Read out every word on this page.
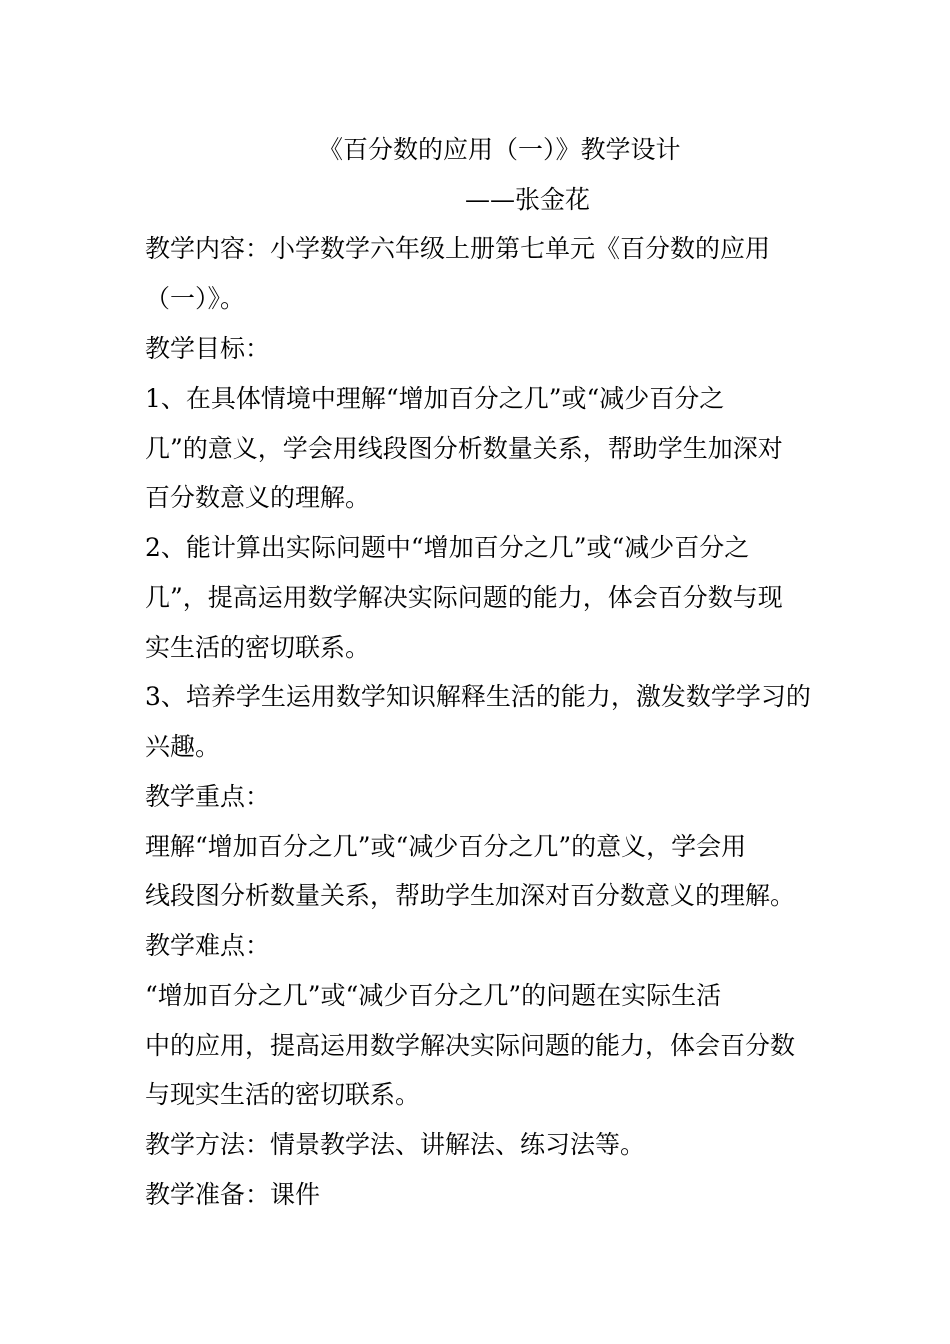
《百分数的应用（一）》教学设计
——张金花
教学内容：小学数学六年级上册第七单元《百分数的应用
（一）》。
教学目标：
1、在具体情境中理解“增加百分之几”或“减少百分之
几”的意义，学会用线段图分析数量关系，帮助学生加深对
百分数意义的理解。
2、能计算出实际问题中“增加百分之几”或“减少百分之
几”，提高运用数学解决实际问题的能力，体会百分数与现
实生活的密切联系。
3、培养学生运用数学知识解释生活的能力，激发数学学习的
兴趣。
教学重点：
理解“增加百分之几”或“减少百分之几”的意义，学会用
线段图分析数量关系，帮助学生加深对百分数意义的理解。
教学难点：
“增加百分之几”或“减少百分之几”的问题在实际生活
中的应用，提高运用数学解决实际问题的能力，体会百分数
与现实生活的密切联系。
教学方法：情景教学法、讲解法、练习法等。
教学准备：课件
